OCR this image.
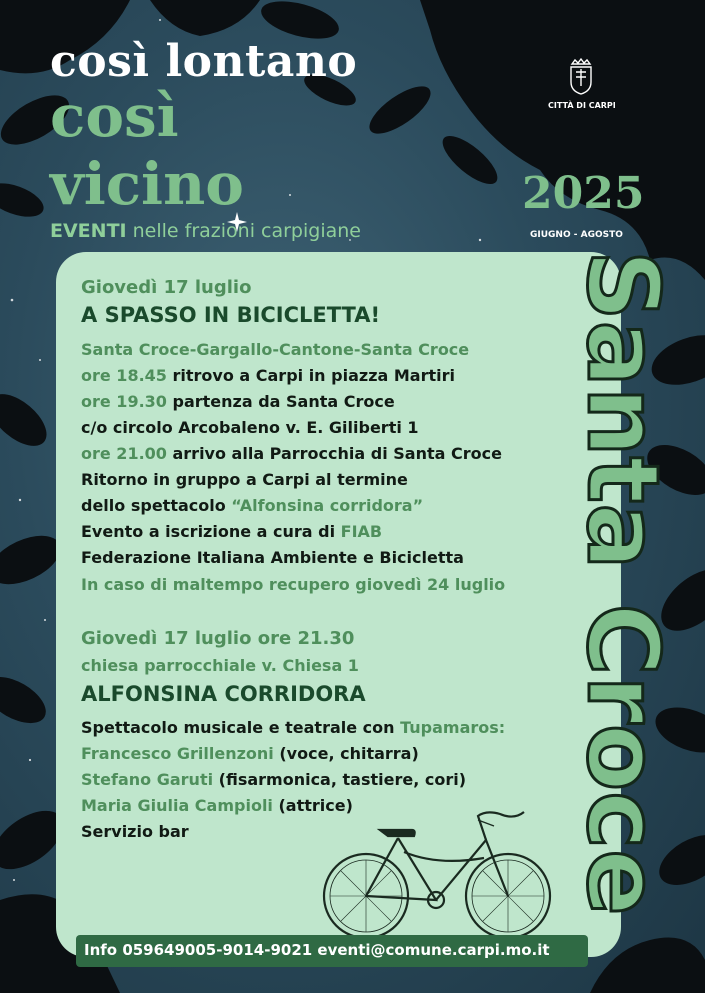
così lontano
così
vicino
EVENTI nelle frazioni carpigiane
CITTÀ DI CARPI
2025
GIUGNO - AGOSTO
Giovedì 17 luglio
A SPASSO IN BICICLETTA!
Santa Croce-Gargallo-Cantone-Santa Croce
ore 18.45 ritrovo a Carpi in piazza Martiri
ore 19.30 partenza da Santa Croce
c/o circolo Arcobaleno v. E. Giliberti 1
ore 21.00 arrivo alla Parrocchia di Santa Croce
Ritorno in gruppo a Carpi al termine
dello spettacolo “Alfonsina corridora”
Evento a iscrizione a cura di FIAB
Federazione Italiana Ambiente e Bicicletta
In caso di maltempo recupero giovedì 24 luglio
Giovedì 17 luglio ore 21.30
chiesa parrocchiale v. Chiesa 1
ALFONSINA CORRIDORA
Spettacolo musicale e teatrale con Tupamaros:
Francesco Grillenzoni (voce, chitarra)
Stefano Garuti (fisarmonica, tastiere, cori)
Maria Giulia Campioli (attrice)
Servizio bar	Santa Croce
Info 059649005-9014-9021 eventi@comune.carpi.mo.it
